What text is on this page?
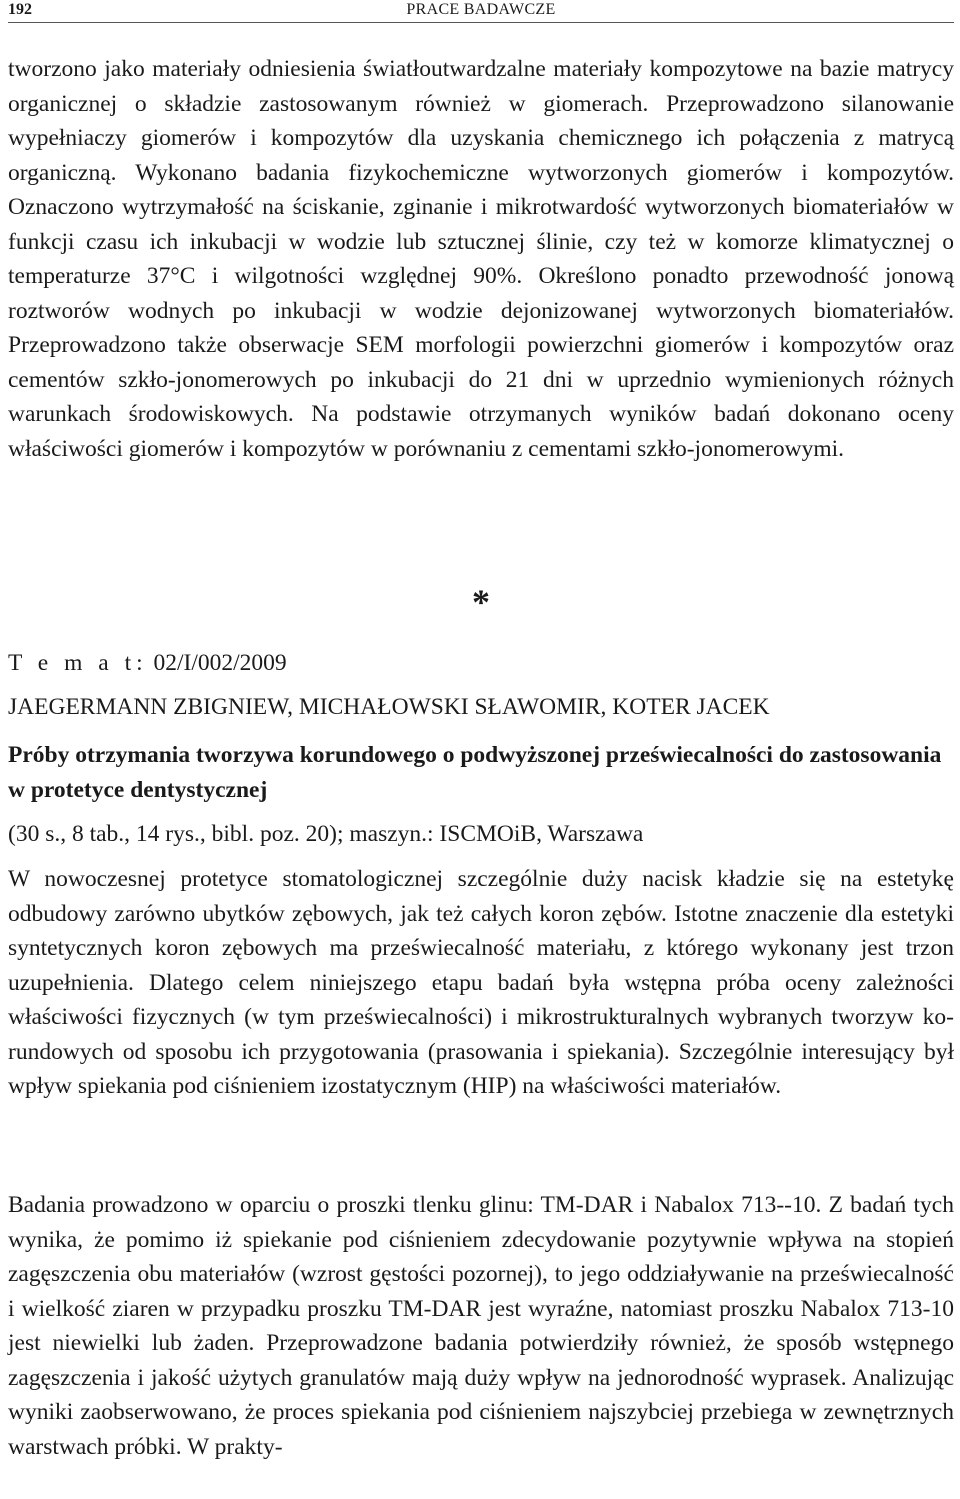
192	PRACE BADAWCZE

tworzono jako materiały odniesienia światłoutwardzalne materiały kompozytowe na bazie matrycy organicznej o składzie zastosowanym również w giomerach. Przeprowadzono silanowanie wypełniaczy giomerów i kompozytów dla uzyskania chemicznego ich połączenia z matrycą organiczną. Wykonano badania fizykochemiczne wytworzonych giomerów i kompozytów. Oznaczono wytrzymałość na ściskanie, zginanie i mikrotwardość wytworzonych biomateriałów w funkcji czasu ich inkubacji w wodzie lub sztucznej ślinie, czy też w komorze klimatycznej o temperaturze 37°C i wilgotności względnej 90%. Określono ponadto przewodność jonową roztworów wodnych po inkubacji w wodzie dejonizowanej wytworzonych biomateriałów. Przeprowadzono także obserwacje SEM morfologii powierzchni giomerów i kompozytów oraz cementów szkło-jonomerowych po inkubacji do 21 dni w uprzednio wymienionych różnych warunkach środowiskowych. Na podstawie otrzymanych wyników badań dokonano oceny właściwości giomerów i kompozytów w porównaniu z cementami szkło-jonomerowymi.

*
T e m a t: 02/I/002/2009
JAEGERMANN ZBIGNIEW, MICHAŁOWSKI SŁAWOMIR, KOTER JACEK
Próby otrzymania tworzywa korundowego o podwyższonej przeświecalności do zastosowania w protetyce dentystycznej
(30 s., 8 tab., 14 rys., bibl. poz. 20); maszyn.: ISCMOiB, Warszawa

W nowoczesnej protetyce stomatologicznej szczególnie duży nacisk kładzie się na estetykę odbudowy zarówno ubytków zębowych, jak też całych koron zębów. Istotne znaczenie dla estetyki syntetycznych koron zębowych ma przeświecalność materiału, z którego wykonany jest trzon uzupełnienia. Dlatego celem niniejszego etapu badań była wstępna próba oceny zależności właściwości fizycznych (w tym przeświecalności) i mikrostrukturalnych wybranych tworzyw korundowych od sposobu ich przygotowania (prasowania i spiekania). Szczególnie interesujący był wpływ spiekania pod ciśnieniem izostatycznym (HIP) na właściwości materiałów.

Badania prowadzono w oparciu o proszki tlenku glinu: TM-DAR i Nabalox 713--10. Z badań tych wynika, że pomimo iż spiekanie pod ciśnieniem zdecydowanie pozytywnie wpływa na stopień zagęszczenia obu materiałów (wzrost gęstości pozornej), to jego oddziaływanie na przeświecalność i wielkość ziaren w przypadku proszku TM-DAR jest wyraźne, natomiast proszku Nabalox 713-10 jest niewielki lub żaden. Przeprowadzone badania potwierdziły również, że sposób wstępnego zagęszczenia i jakość użytych granulatów mają duży wpływ na jednorodność wyprasek. Analizując wyniki zaobserwowano, że proces spiekania pod ciśnieniem najszybciej przebiega w zewnętrznych warstwach próbki. W prakty-
